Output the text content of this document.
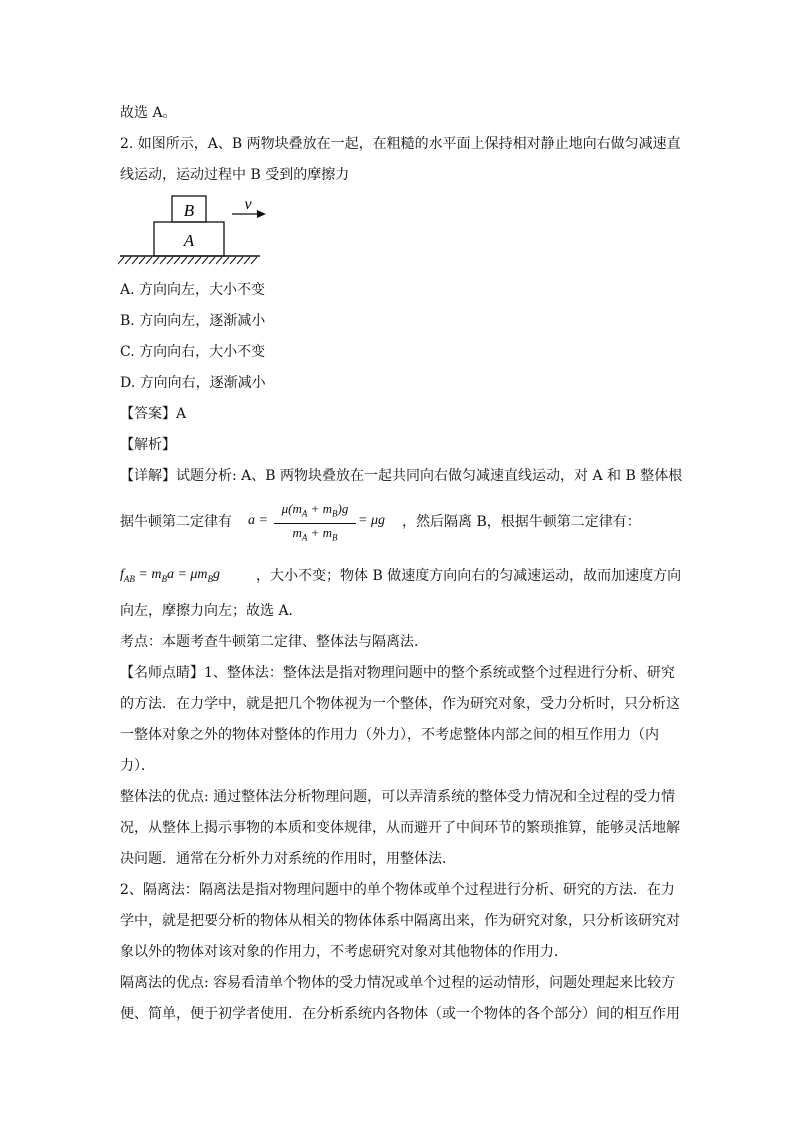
故选 A。
2. 如图所示，A、B 两物块叠放在一起，在粗糙的水平面上保持相对静止地向右做匀减速直
线运动，运动过程中 B 受到的摩擦力
B
A
v
A. 方向向左，大小不变
B. 方向向左，逐渐减小
C. 方向向右，大小不变
D. 方向向右，逐渐减小
【答案】A
【解析】
【详解】试题分析: A、B 两物块叠放在一起共同向右做匀减速直线运动，对 A 和 B 整体根
据牛顿第二定律有 a =
$\mu(m_A + m_B)g$
$m_A + m_B$
= μg ，然后隔离 B，根据牛顿第二定律有：
$f_{AB} = m_Ba = \mu m_Bg$	，大小不变；物体 B 做速度方向向右的匀减速运动，故而加速度方向
向左，摩擦力向左；故选 A．
考点：本题考查牛顿第二定律、整体法与隔离法．
【名师点睛】1、整体法：整体法是指对物理问题中的整个系统或整个过程进行分析、研究
的方法．在力学中，就是把几个物体视为一个整体，作为研究对象，受力分析时，只分析这
一整体对象之外的物体对整体的作用力（外力），不考虑整体内部之间的相互作用力（内
力）．
整体法的优点: 通过整体法分析物理问题，可以弄清系统的整体受力情况和全过程的受力情
况，从整体上揭示事物的本质和变体规律，从而避开了中间环节的繁琐推算，能够灵活地解
决问题．通常在分析外力对系统的作用时，用整体法．
2、隔离法：隔离法是指对物理问题中的单个物体或单个过程进行分析、研究的方法．在力
学中，就是把要分析的物体从相关的物体体系中隔离出来，作为研究对象，只分析该研究对
象以外的物体对该对象的作用力，不考虑研究对象对其他物体的作用力．
隔离法的优点: 容易看清单个物体的受力情况或单个过程的运动情形，问题处理起来比较方
便、简单，便于初学者使用．在分析系统内各物体（或一个物体的各个部分）间的相互作用
